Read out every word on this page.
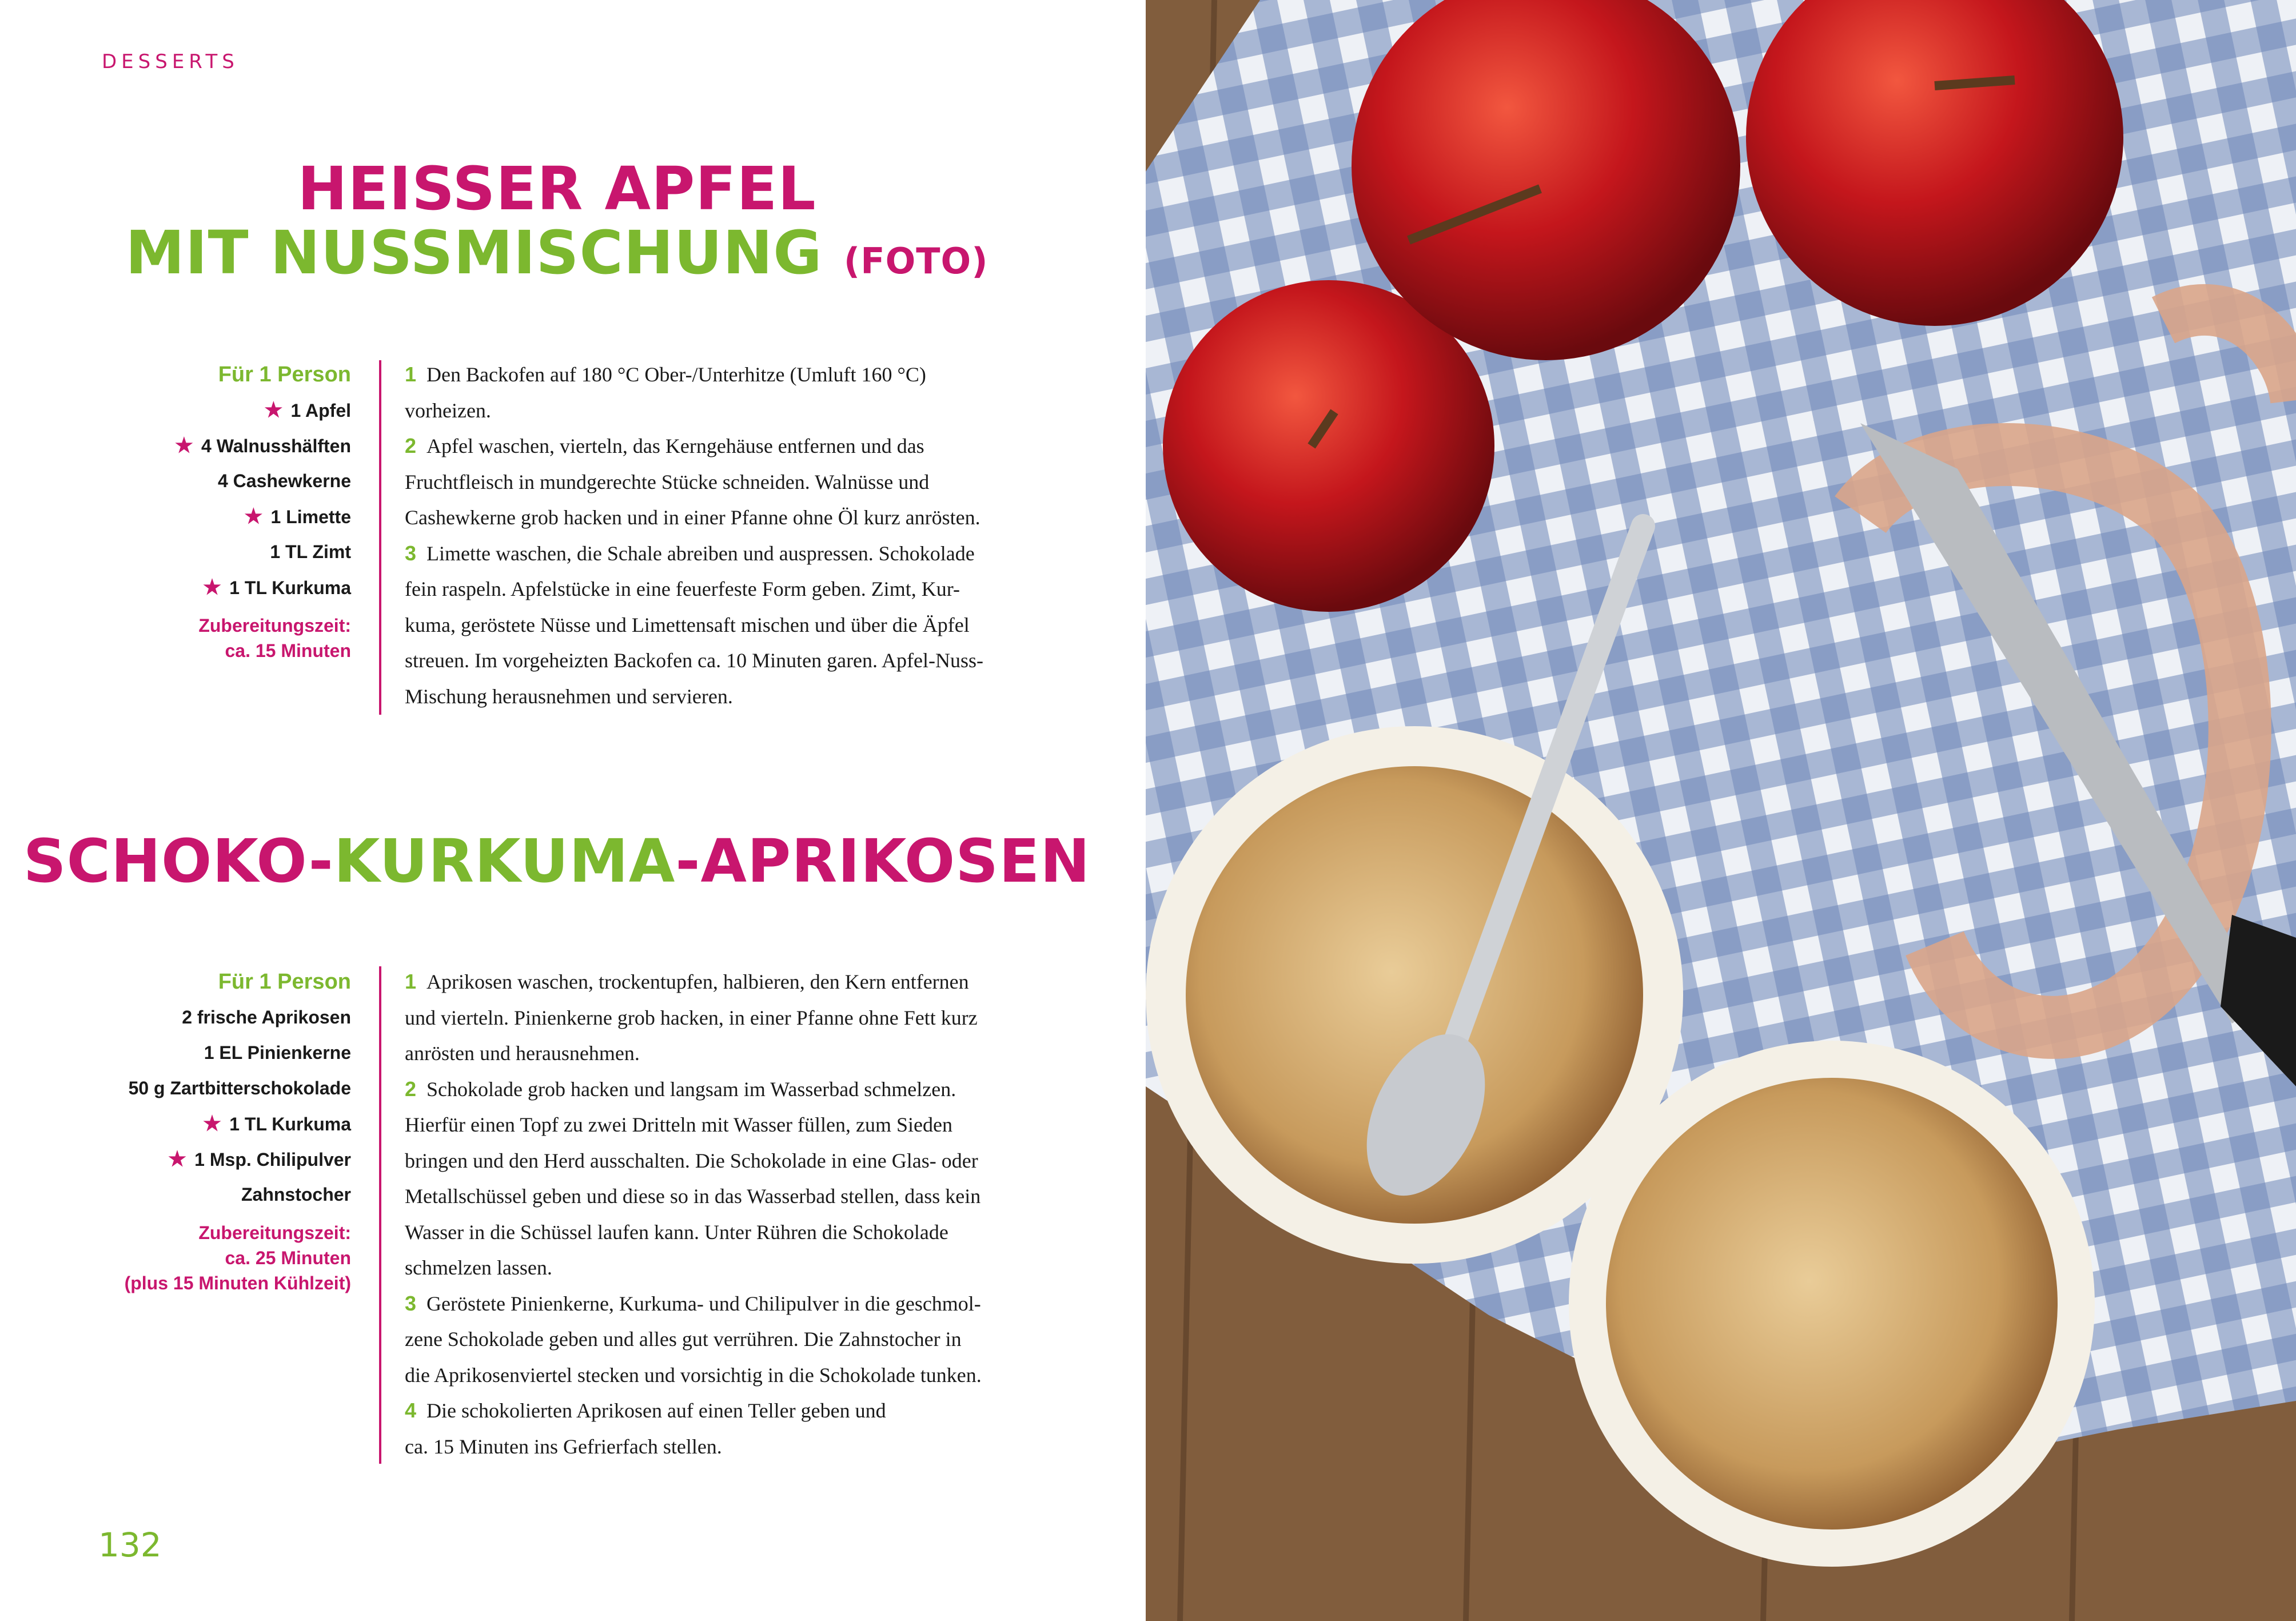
DESSERTS
HEISSER APFEL
MIT NUSSMISCHUNG (FOTO)
Für 1 Person
★ 1 Apfel
★ 4 Walnusshälften
4 Cashewkerne
★ 1 Limette
1 TL Zimt
★ 1 TL Kurkuma
Zubereitungszeit:
ca. 15 Minuten

1 Den Backofen auf 180 °C Ober-/Unterhitze (Umluft 160 °C)

vorheizen.

2 Apfel waschen, vierteln, das Kerngehäuse entfernen und das

Fruchtfleisch in mundgerechte Stücke schneiden. Walnüsse und

Cashewkerne grob hacken und in einer Pfanne ohne Öl kurz anrösten.

3 Limette waschen, die Schale abreiben und auspressen. Schokolade

fein raspeln. Apfelstücke in eine feuerfeste Form geben. Zimt, Kur-

kuma, geröstete Nüsse und Limettensaft mischen und über die Äpfel

streuen. Im vorgeheizten Backofen ca. 10 Minuten garen. Apfel-Nuss-

Mischung herausnehmen und servieren.

SCHOKO-KURKUMA-APRIKOSEN
Für 1 Person
2 frische Aprikosen
1 EL Pinienkerne
50 g Zartbitterschokolade
★ 1 TL Kurkuma
★ 1 Msp. Chilipulver
Zahnstocher
Zubereitungszeit:
ca. 25 Minuten
(plus 15 Minuten Kühlzeit)

1 Aprikosen waschen, trockentupfen, halbieren, den Kern entfernen

und vierteln. Pinienkerne grob hacken, in einer Pfanne ohne Fett kurz

anrösten und herausnehmen.

2 Schokolade grob hacken und langsam im Wasserbad schmelzen.

Hierfür einen Topf zu zwei Dritteln mit Wasser füllen, zum Sieden

bringen und den Herd ausschalten. Die Schokolade in eine Glas- oder

Metallschüssel geben und diese so in das Wasserbad stellen, dass kein

Wasser in die Schüssel laufen kann. Unter Rühren die Schokolade

schmelzen lassen.

3 Geröstete Pinienkerne, Kurkuma- und Chilipulver in die geschmol-

zene Schokolade geben und alles gut verrühren. Die Zahnstocher in

die Aprikosenviertel stecken und vorsichtig in die Schokolade tunken.

4 Die schokolierten Aprikosen auf einen Teller geben und

ca. 15 Minuten ins Gefrierfach stellen.

132
